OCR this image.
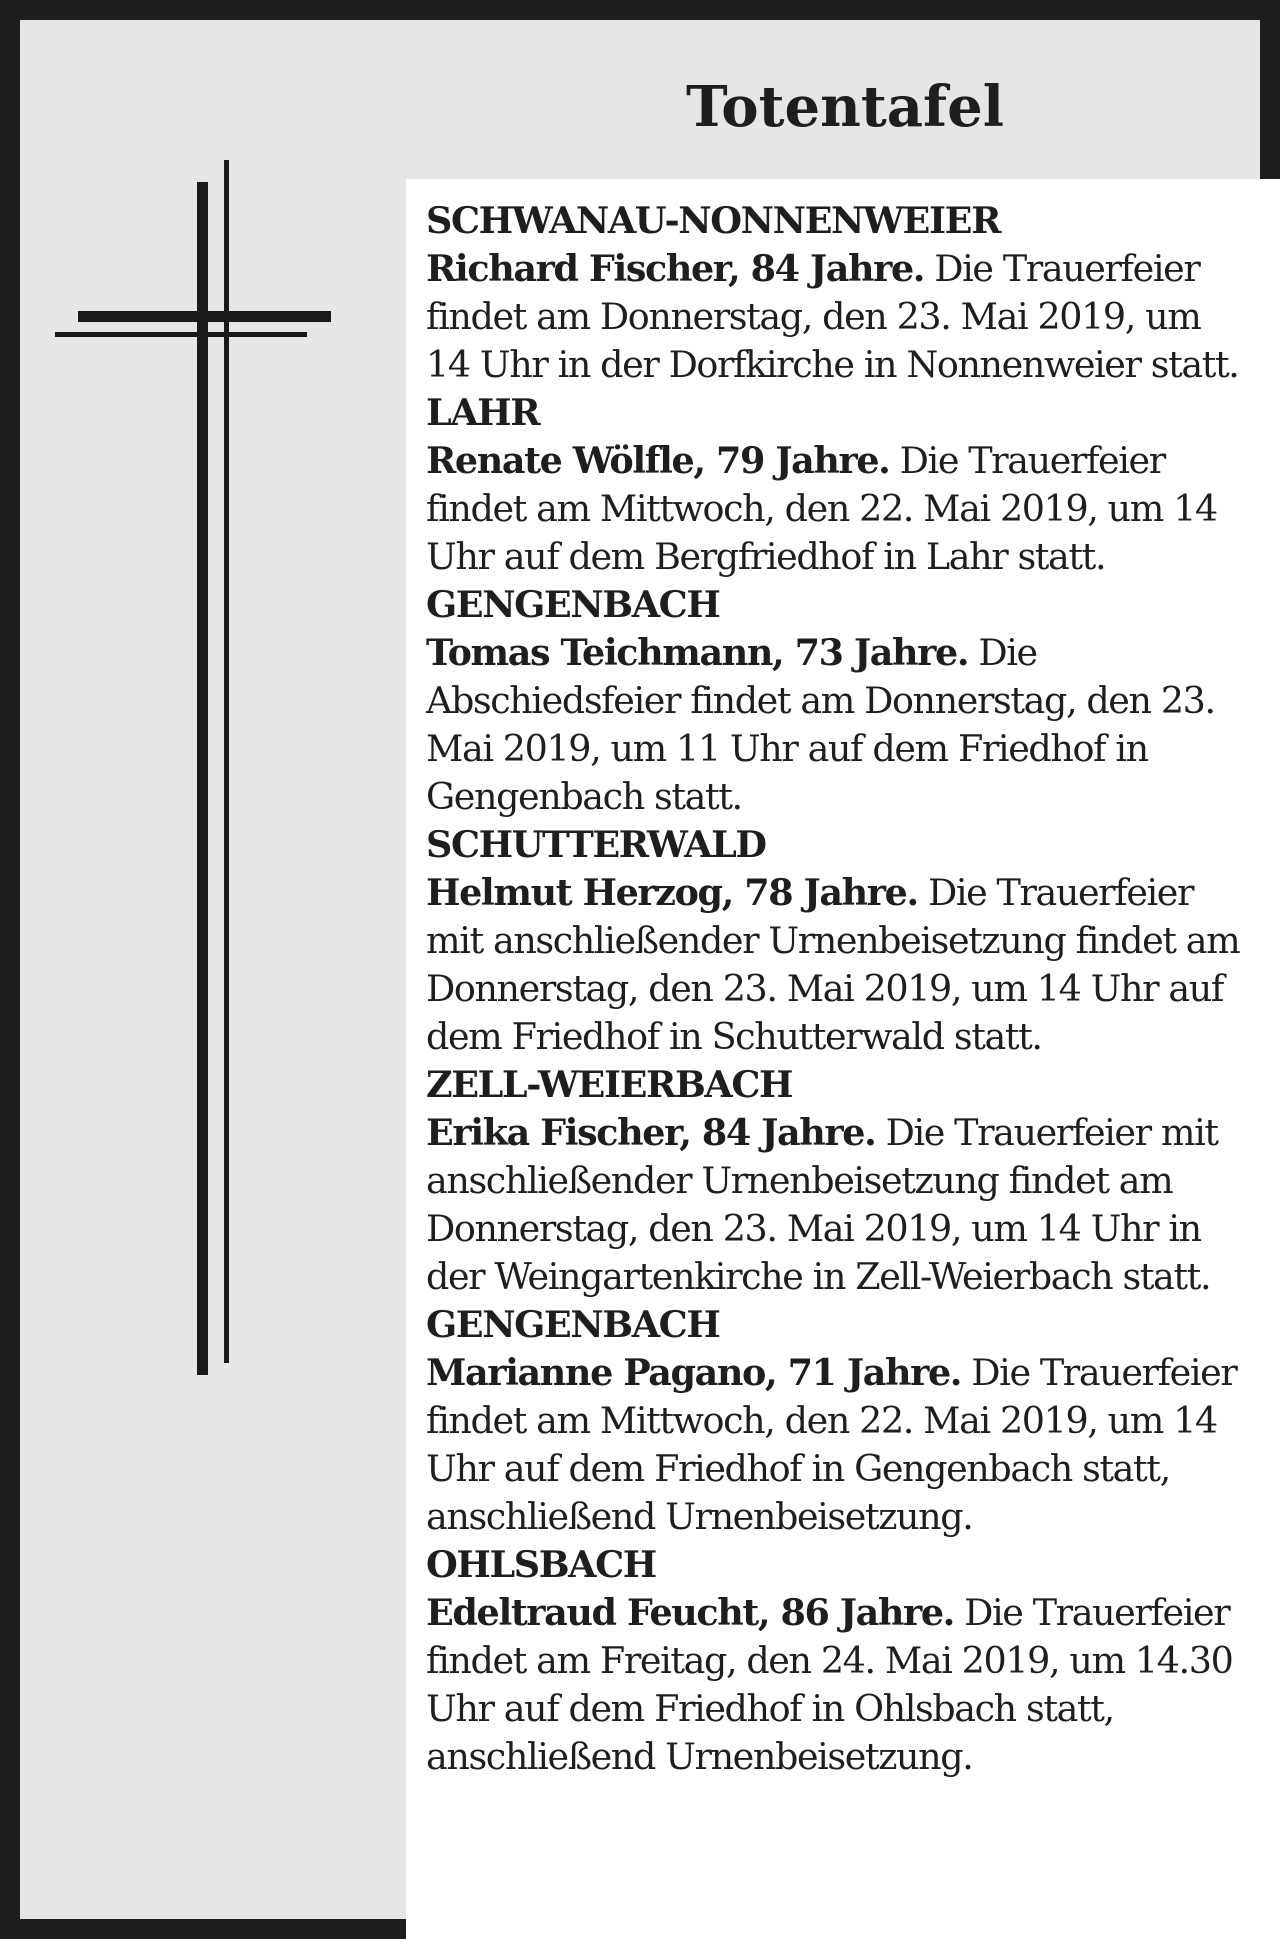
Totentafel

SCHWANAU-NONNENWEIER
Richard Fischer, 84 Jahre. Die Trauerfeier findet am Donnerstag, den 23. Mai 2019, um 14 Uhr in der Dorfkirche in Nonnenweier statt.

LAHR
Renate Wölfle, 79 Jahre. Die Trauerfeier findet am Mittwoch, den 22. Mai 2019, um 14 Uhr auf dem Bergfriedhof in Lahr statt.

GENGENBACH
Tomas Teichmann, 73 Jahre. Die Abschiedsfeier findet am Donnerstag, den 23. Mai 2019, um 11 Uhr auf dem Friedhof in Gengenbach statt.

SCHUTTERWALD
Helmut Herzog, 78 Jahre. Die Trauerfeier mit anschließender Urnenbeisetzung findet am Donnerstag, den 23. Mai 2019, um 14 Uhr auf dem Friedhof in Schutterwald statt.

ZELL-WEIERBACH
Erika Fischer, 84 Jahre. Die Trauerfeier mit anschließender Urnenbeisetzung findet am Donnerstag, den 23. Mai 2019, um 14 Uhr in der Weingartenkirche in Zell-Weierbach statt.

GENGENBACH
Marianne Pagano, 71 Jahre. Die Trauerfeier findet am Mittwoch, den 22. Mai 2019, um 14 Uhr auf dem Friedhof in Gengenbach statt, anschließend Urnenbeisetzung.

OHLSBACH
Edeltraud Feucht, 86 Jahre. Die Trauerfeier findet am Freitag, den 24. Mai 2019, um 14.30 Uhr auf dem Friedhof in Ohlsbach statt, anschließend Urnenbeisetzung.
